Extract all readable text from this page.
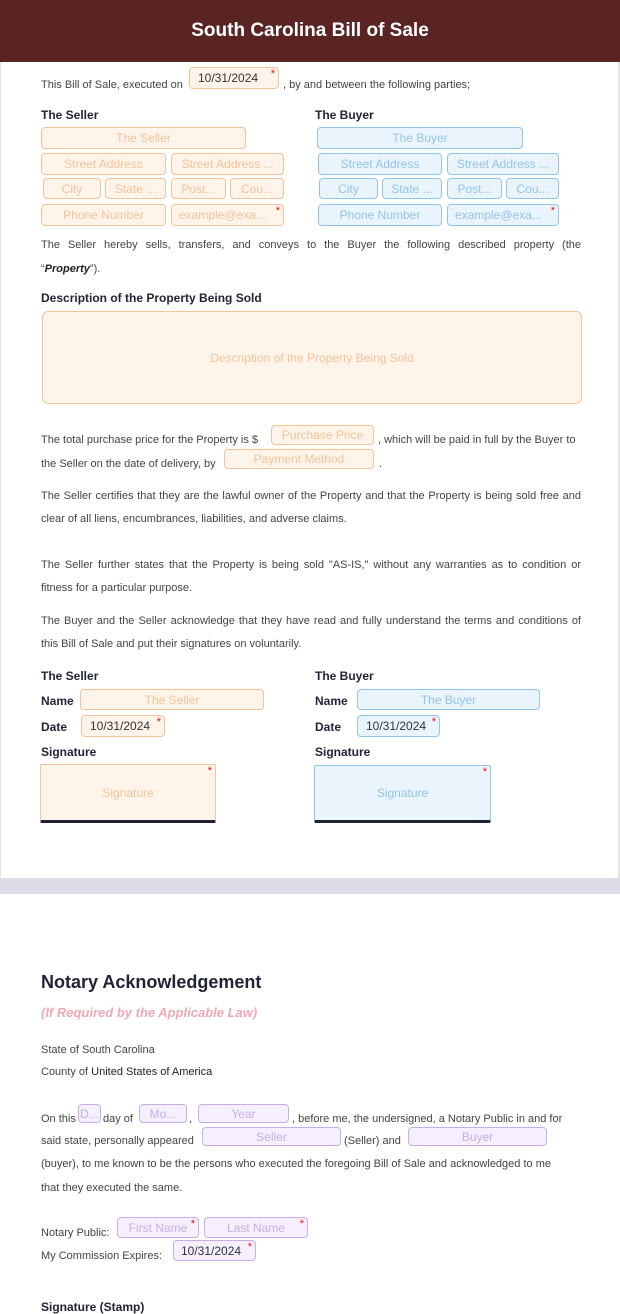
South Carolina Bill of Sale
This Bill of Sale, executed on 10/31/2024 *
, by and between the following parties;
The Seller
The Seller
Street Address	Street Address ...
City	State ...	Post...	Cou...
Phone Number	example@exa... *
The Buyer
The Buyer
Street Address	Street Address ...
City	State ...	Post...	Cou...
Phone Number	example@exa... *
The Seller hereby sells, transfers, and conveys to the Buyer the following described property (the
“Property”).
Description of the Property Being Sold
Description of the Property Being Sold
The total purchase price for the Property is $	Purchase Price	, which will be paid in full by the Buyer to
the Seller on the date of delivery, by	Payment Method	.
The Seller certifies that they are the lawful owner of the Property and that the Property is being sold free and clear of all liens, encumbrances, liabilities, and adverse claims.
The Seller further states that the Property is being sold "AS-IS," without any warranties as to condition or fitness for a particular purpose.
The Buyer and the Seller acknowledge that they have read and fully understand the terms and conditions of this Bill of Sale and put their signatures on voluntarily.
The Seller
Name	The Seller
Date 10/31/2024 *
Signature
Signature
*
The Buyer
Name	The Buyer
Date 10/31/2024 *
Signature
Signature
*
Notary Acknowledgement
(If Required by the Applicable Law)
State of South Carolina
County of United States of America
On this D... day of	Mo...	,	Year	, before me, the undersigned, a Notary Public in and for
said state, personally appeared	Seller	(Seller) and	Buyer
(buyer), to me known to be the persons who executed the foregoing Bill of Sale and acknowledged to me
that they executed the same.
Notary Public: First Name *	Last Name *
My Commission Expires: 10/31/2024 *
Signature (Stamp)
